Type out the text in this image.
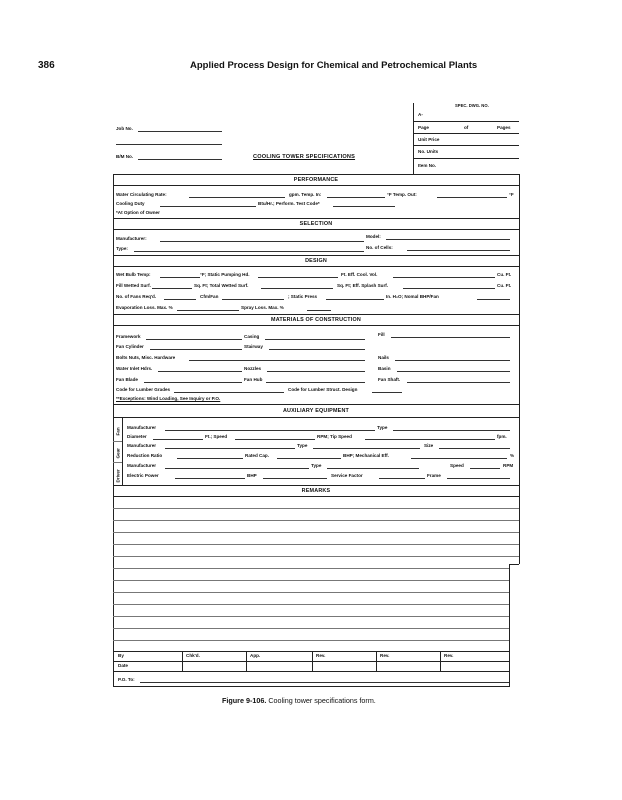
386	Applied Process Design for Chemical and Petrochemical Plants
SPEC. DWG. NO.
A-
Page	of	Pages
Unit Price
No. Units
Item No.
Job No.
B/M No.	COOLING TOWER SPECIFICATIONS
PERFORMANCE
Water Circulating Rate:	gpm. Temp. In:	°F Temp. Out:	°F
Cooling Duty	Btu/Hr.; Perform. Test Code*
*At Option of Owner
SELECTION
Manufacturer:	Model:
Type:	No. of Cells:
DESIGN
Wet Bulb Temp:	°F; Static Pumping Hd.	Ft. Eff. Cool. Vol.	Cu. Ft.
Fill Wetted Surf.	Sq. Ft; Total Wetted Surf.	Sq. Ft; Eff. Splash Surf.	Cu. Ft.
No. of Fans Req'd.	Cfm/Fan	; Static Press	In. H₂O; Nomal BHP/Fan
Evaporation Loss. Max. %	Spray Loss. Max. %
MATERIALS OF CONSTRUCTION
Framework	Casing	Fill
Fan Cylinder	Stairway
Bolts Nuts, Misc. Hardware	Nails
Water Inlet Hdrs.	Nozzles	Basin
Fan Blade	Fan Hub	Fan Shaft.
Code for Lumber Grades	Code for Lumber Struct. Design
**Exceptions: Wind Loading, See Inquiry or P.O.
AUXILIARY EQUIPMENT
Fan
Gear
Driver
Manufacturer	Type
Diameter	Ft.; Speed	RPM; Tip Speed	fpm.
Manufacturer	Type	Size
Reduction Ratio	Rated Cap.	BHP; Mechanical Eff.	%
Manufacturer	Type	Speed	RPM
Electric Power	BHP	Service Factor	Frame
REMARKS
By	Chk'd.	App.	Rev.	Rev.	Rev.
Date
P.O. To:
Figure 9-106. Cooling tower specifications form.
